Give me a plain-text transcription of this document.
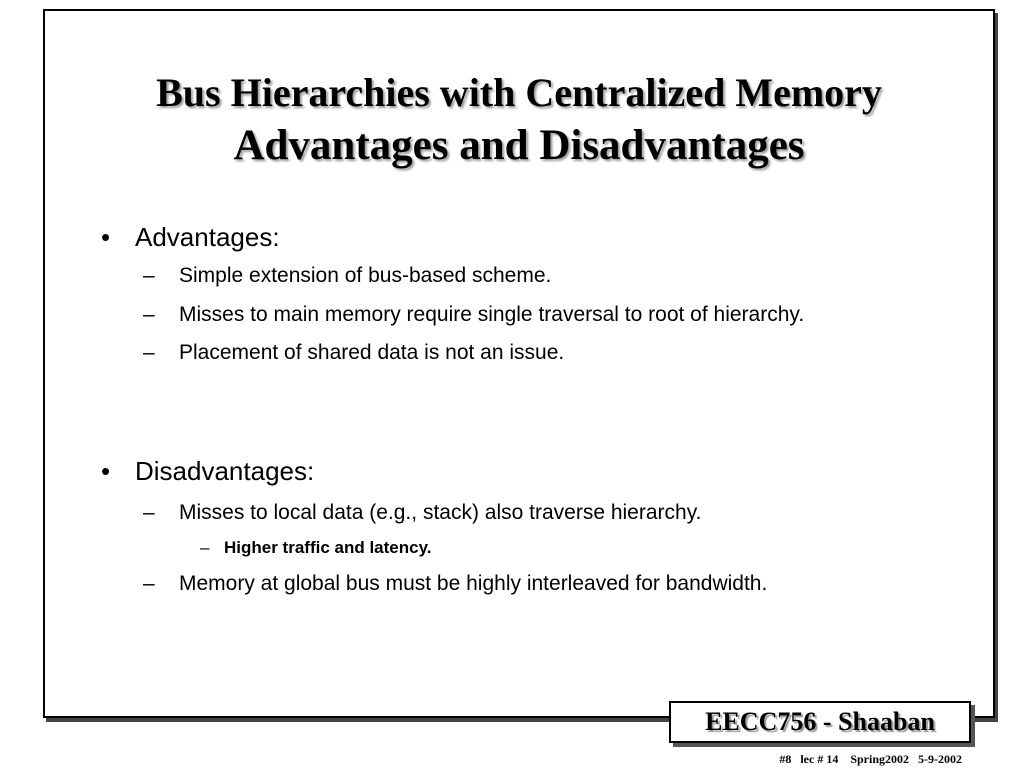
Bus Hierarchies with Centralized Memory
Advantages and Disadvantages
• Advantages:
– Simple extension of bus-based scheme.
– Misses to main memory require single traversal to root of hierarchy.
– Placement of shared data is not an issue.
• Disadvantages:
– Misses to local data (e.g., stack) also traverse hierarchy.
– Higher traffic and latency.
– Memory at global bus must be highly interleaved for bandwidth.
EECC756 - Shaaban
#8   lec # 14    Spring2002   5-9-2002
